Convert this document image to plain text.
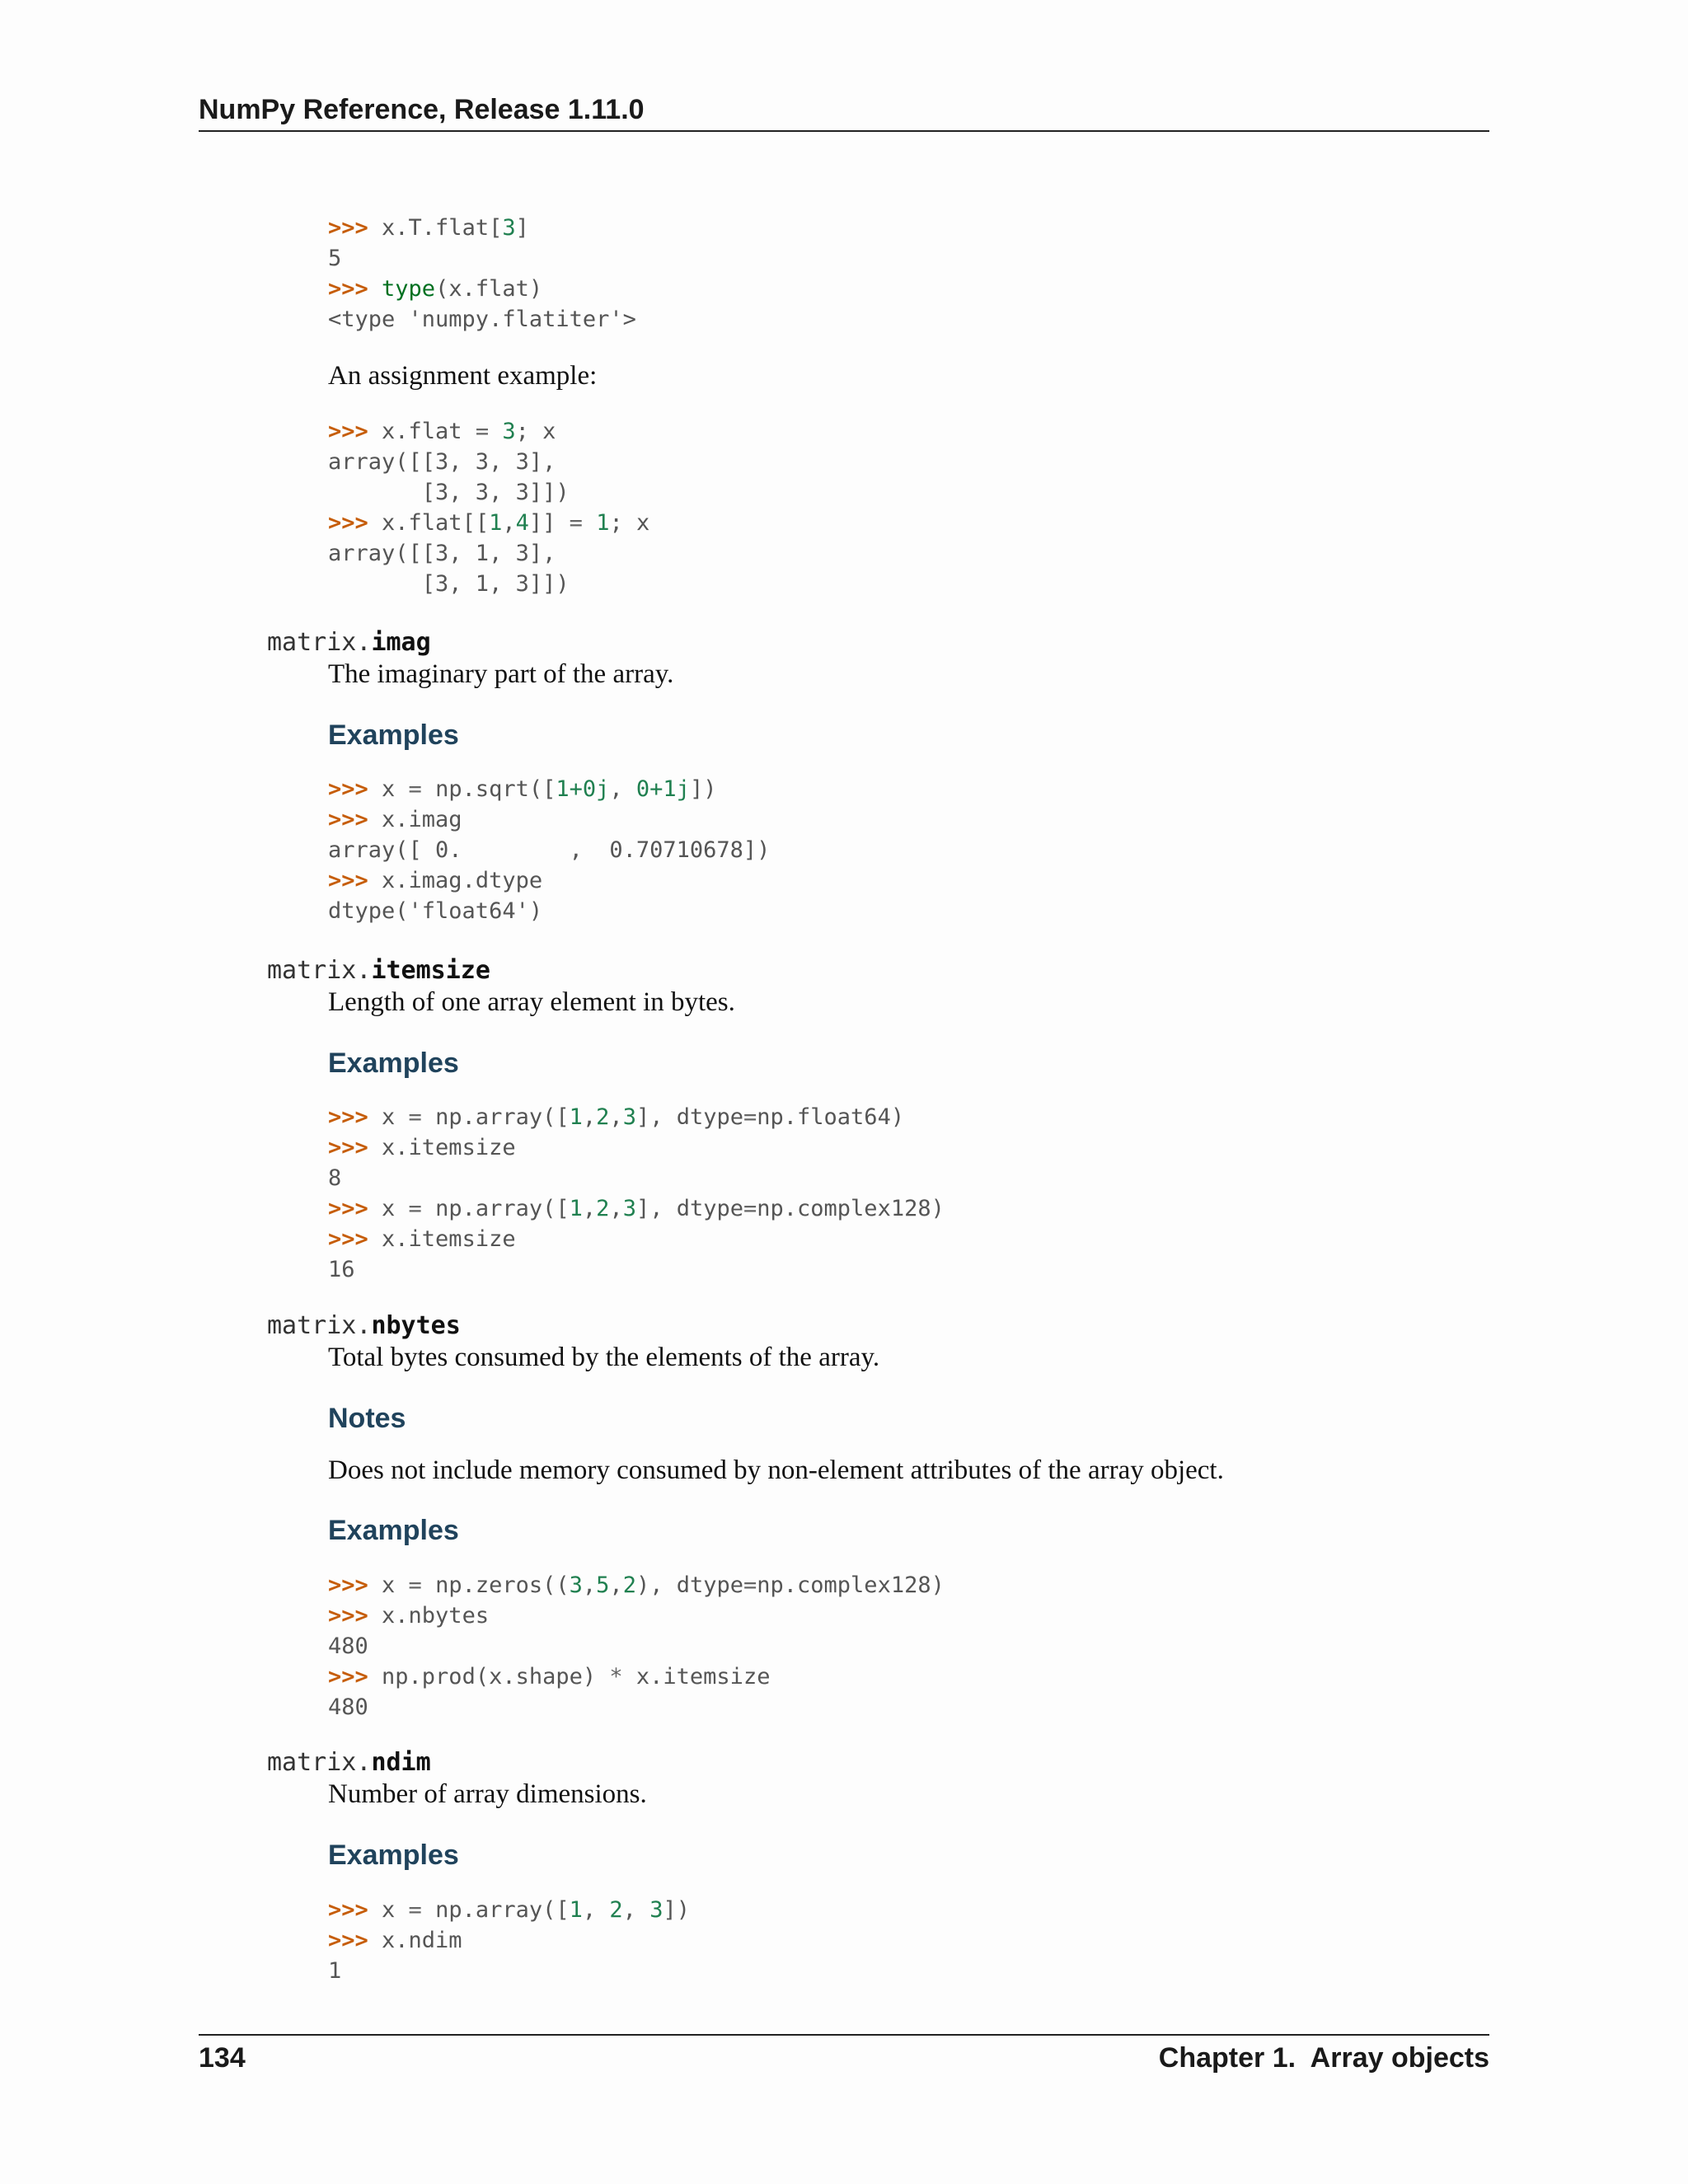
NumPy Reference, Release 1.11.0
>>> x.T.flat[3]
5
>>> type(x.flat)
<type 'numpy.flatiter'>
An assignment example:
>>> x.flat = 3; x
array([[3, 3, 3],
[3, 3, 3]])
>>> x.flat[[1,4]] = 1; x
array([[3, 1, 3],
[3, 1, 3]])
matrix.imag
The imaginary part of the array.
Examples
>>> x = np.sqrt([1+0j, 0+1j])
>>> x.imag
array([ 0.        ,  0.70710678])
>>> x.imag.dtype
dtype('float64')
matrix.itemsize
Length of one array element in bytes.
Examples
>>> x = np.array([1,2,3], dtype=np.float64)
>>> x.itemsize
8
>>> x = np.array([1,2,3], dtype=np.complex128)
>>> x.itemsize
16
matrix.nbytes
Total bytes consumed by the elements of the array.
Notes
Does not include memory consumed by non-element attributes of the array object.
Examples
>>> x = np.zeros((3,5,2), dtype=np.complex128)
>>> x.nbytes
480
>>> np.prod(x.shape) * x.itemsize
480
matrix.ndim
Number of array dimensions.
Examples
>>> x = np.array([1, 2, 3])
>>> x.ndim
1
134	Chapter 1.  Array objects
